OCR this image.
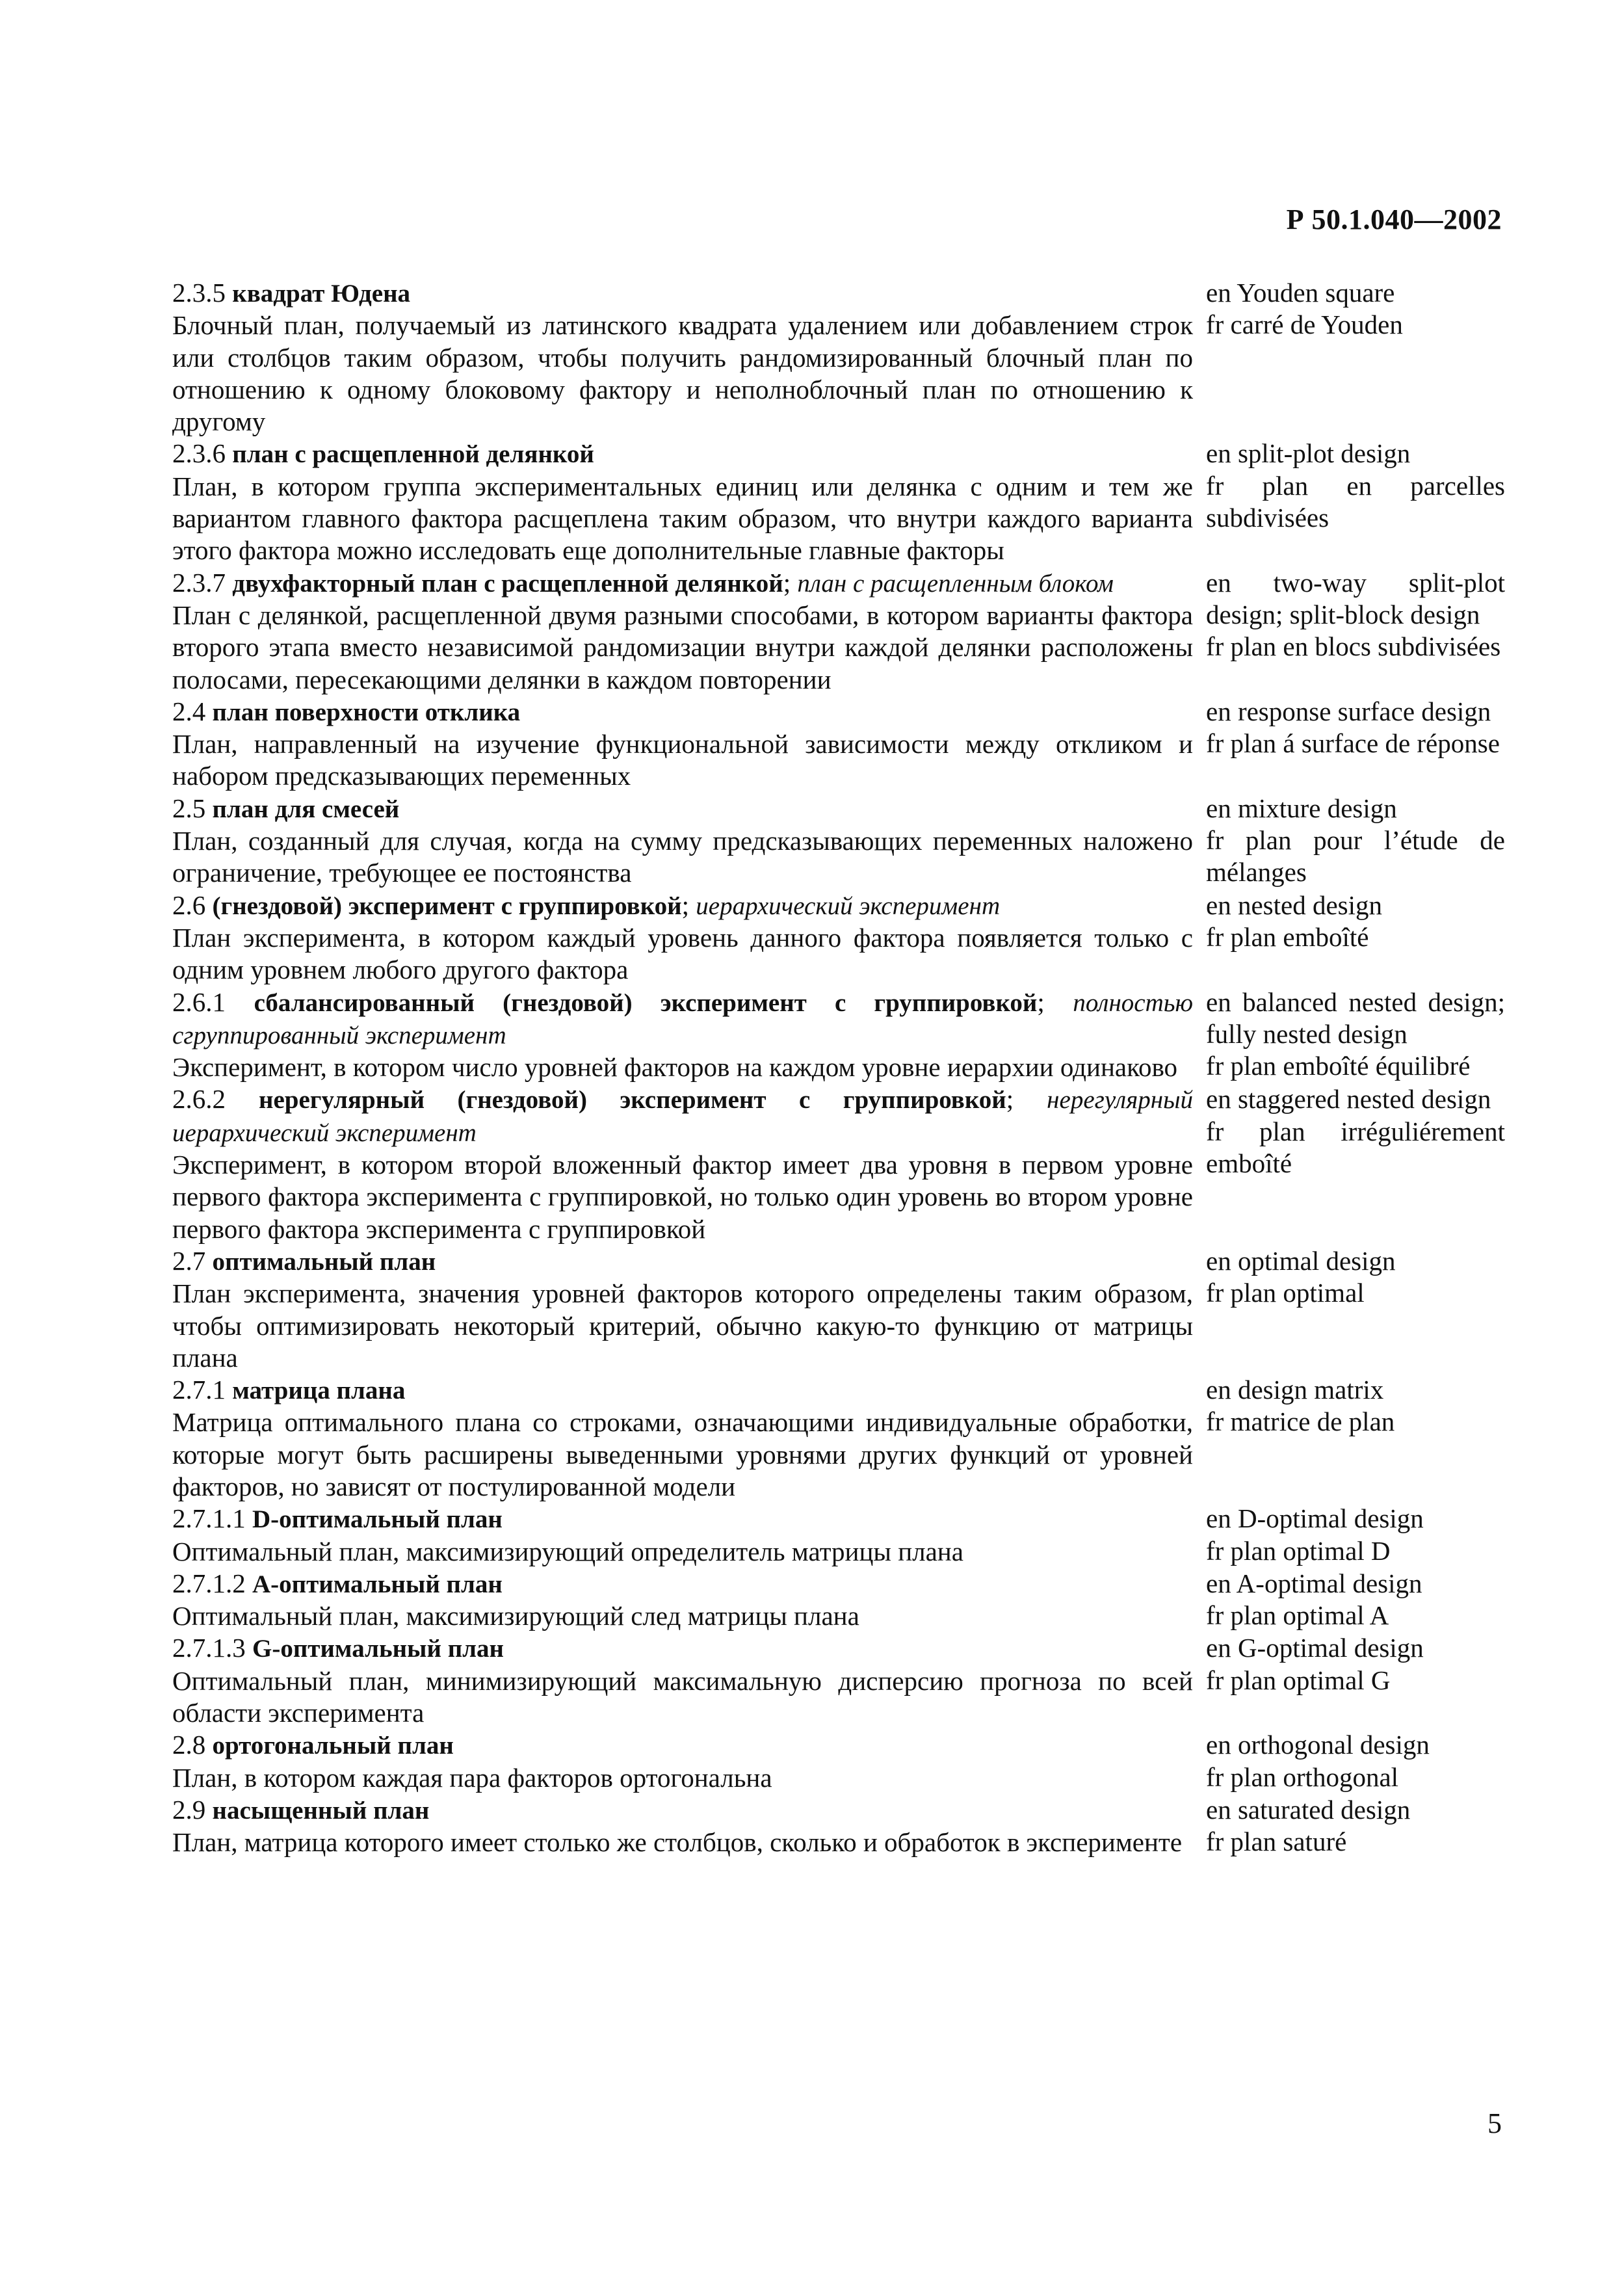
Р 50.1.040—2002

2.3.5 квадрат Юдена

Блочный план, получаемый из латинского квадрата удалением или добавлением строк или столбцов таким образом, чтобы получить рандомизированный блочный план по отношению к одному блоковому фактору и неполноблочный план по отношению к другому

en Youden square

fr carré de Youden

2.3.6 план с расщепленной делянкой

План, в котором группа экспериментальных единиц или делянка с одним и тем же вариантом главного фактора расщеплена таким образом, что внутри каждого варианта этого фактора можно исследовать еще дополнительные главные факторы

en split-plot design

fr plan en parcelles subdivisées

2.3.7 двухфакторный план с расщепленной делянкой; план с расщепленным блоком

План с делянкой, расщепленной двумя разными способами, в котором варианты фактора второго этапа вместо независимой рандомизации внутри каждой делянки расположены полосами, пересекающими делянки в каждом повторении

en two-way split-plot design; split-block design

fr plan en blocs subdivisées

2.4 план поверхности отклика

План, направленный на изучение функциональной зависимости между откликом и набором предсказывающих переменных

en response surface design

fr plan á surface de réponse

2.5 план для смесей

План, созданный для случая, когда на сумму предсказывающих переменных наложено ограничение, требующее ее постоянства

en mixture design

fr plan pour l’étude de mélanges

2.6 (гнездовой) эксперимент с группировкой; иерархический эксперимент

План эксперимента, в котором каждый уровень данного фактора появляется только с одним уровнем любого другого фактора

en nested design

fr plan emboîté

2.6.1 сбалансированный (гнездовой) эксперимент с группировкой; полностью сгруппированный эксперимент

Эксперимент, в котором число уровней факторов на каждом уровне иерархии одинаково

en balanced nested design; fully nested design

fr plan emboîté équilibré

2.6.2 нерегулярный (гнездовой) эксперимент с группировкой; нерегулярный иерархический эксперимент

Эксперимент, в котором второй вложенный фактор имеет два уровня в первом уровне первого фактора эксперимента с группировкой, но только один уровень во втором уровне первого фактора эксперимента с группировкой

en staggered nested design

fr plan irréguliérement emboîté

2.7 оптимальный план

План эксперимента, значения уровней факторов которого определены таким образом, чтобы оптимизировать некоторый критерий, обычно какую-то функцию от матрицы плана

en optimal design

fr plan optimal

2.7.1 матрица плана

Матрица оптимального плана со строками, означающими индивидуальные обработки, которые могут быть расширены выведенными уровнями других функций от уровней факторов, но зависят от постулированной модели

en design matrix

fr matrice de plan

2.7.1.1 D-оптимальный план

Оптимальный план, максимизирующий определитель матрицы плана

en D-optimal design

fr plan optimal D

2.7.1.2 А-оптимальный план

Оптимальный план, максимизирующий след матрицы плана

en A-optimal design

fr plan optimal A

2.7.1.3 G-оптимальный план

Оптимальный план, минимизирующий максимальную дисперсию прогноза по всей области эксперимента

en G-optimal design

fr plan optimal G

2.8 ортогональный план

План, в котором каждая пара факторов ортогональна

en orthogonal design

fr plan orthogonal

2.9 насыщенный план

План, матрица которого имеет столько же столбцов, сколько и обработок в эксперименте

en saturated design

fr plan saturé

5
